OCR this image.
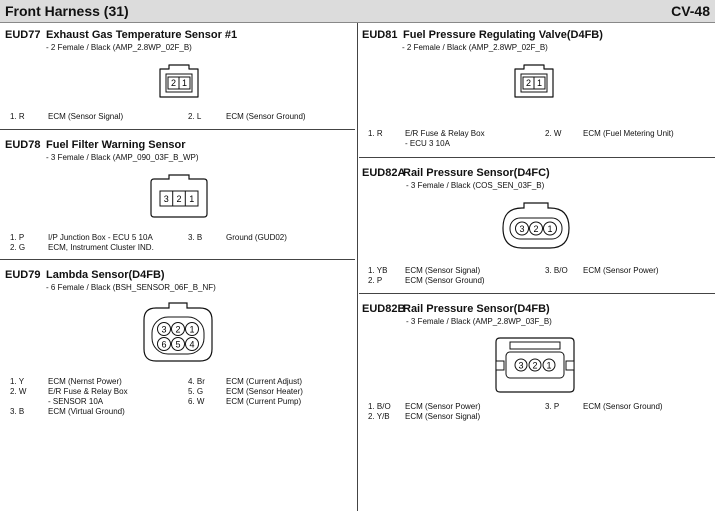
Front Harness (31)	CV-48
EUD77 Exhaust Gas Temperature Sensor #1
- 2 Female / Black (AMP_2.8WP_02F_B)
2 1
1. R	ECM (Sensor Signal)	2. L	ECM (Sensor Ground)
EUD78 Fuel Filter Warning Sensor
- 3 Female / Black (AMP_090_03F_B_WP)
3 2 1
1. P	I/P Junction Box - ECU 5 10A	3. B	Ground (GUD02)
2. G	ECM, Instrument Cluster IND.
EUD79 Lambda Sensor(D4FB)
- 6 Female / Black (BSH_SENSOR_06F_B_NF)
3 2 1
6 5 4
1. Y	ECM (Nernst Power)	4. Br	ECM (Current Adjust)
2. W	E/R Fuse & Relay Box	5. G	ECM (Sensor Heater)
- SENSOR 10A	6. W	ECM (Current Pump)
3. B	ECM (Virtual Ground)
EUD81 Fuel Pressure Regulating Valve(D4FB)
- 2 Female / Black (AMP_2.8WP_02F_B)
2 1
1. R	E/R Fuse & Relay Box	2. W	ECM (Fuel Metering Unit)
- ECU 3 10A
EUD82ARail Pressure Sensor(D4FC)
- 3 Female / Black (COS_SEN_03F_B)
3 2 1
1. YB ECM (Sensor Signal)	3. B/O ECM (Sensor Power)
2. P	ECM (Sensor Ground)
EUD82BRail Pressure Sensor(D4FB)
- 3 Female / Black (AMP_2.8WP_03F_B)
3 2 1
1. B/O ECM (Sensor Power)	3. P	ECM (Sensor Ground)
2. Y/B ECM (Sensor Signal)
